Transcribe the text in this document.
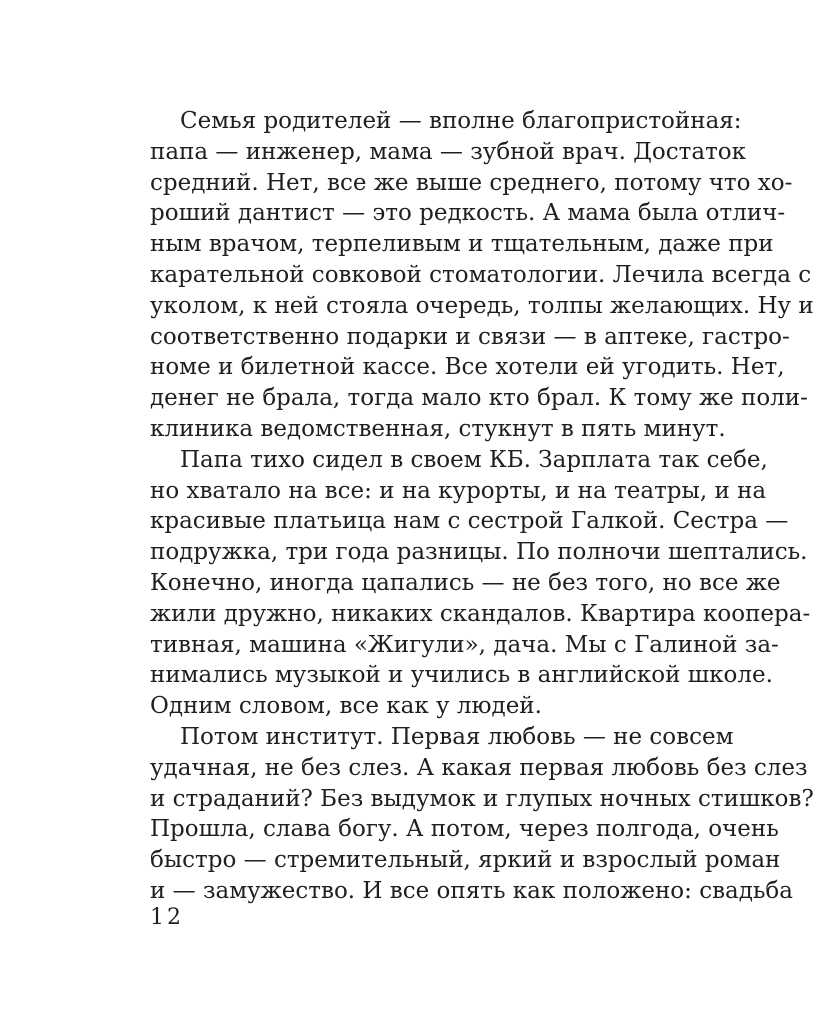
Семья родителей — вполне благопристойная:
папа — инженер, мама — зубной врач. Достаток
средний. Нет, все же выше среднего, потому что хо-
роший дантист — это редкость. А мама была отлич-
ным врачом, терпеливым и тщательным, даже при
карательной совковой стоматологии. Лечила всегда с
уколом, к ней стояла очередь, толпы желающих. Ну и
соответственно подарки и связи — в аптеке, гастро-
номе и билетной кассе. Все хотели ей угодить. Нет,
денег не брала, тогда мало кто брал. К тому же поли-
клиника ведомственная, стукнут в пять минут.
Папа тихо сидел в своем КБ. Зарплата так себе,
но хватало на все: и на курорты, и на театры, и на
красивые платьица нам с сестрой Галкой. Сестра —
подружка, три года разницы. По полночи шептались.
Конечно, иногда цапались — не без того, но все же
жили дружно, никаких скандалов. Квартира коопера-
тивная, машина «Жигули», дача. Мы с Галиной за-
нимались музыкой и учились в английской школе.
Одним словом, все как у людей.
Потом институт. Первая любовь — не совсем
удачная, не без слез. А какая первая любовь без слез
и страданий? Без выдумок и глупых ночных стишков?
Прошла, слава богу. А потом, через полгода, очень
быстро — стремительный, яркий и взрослый роман
и — замужество. И все опять как положено: свадьба
12
